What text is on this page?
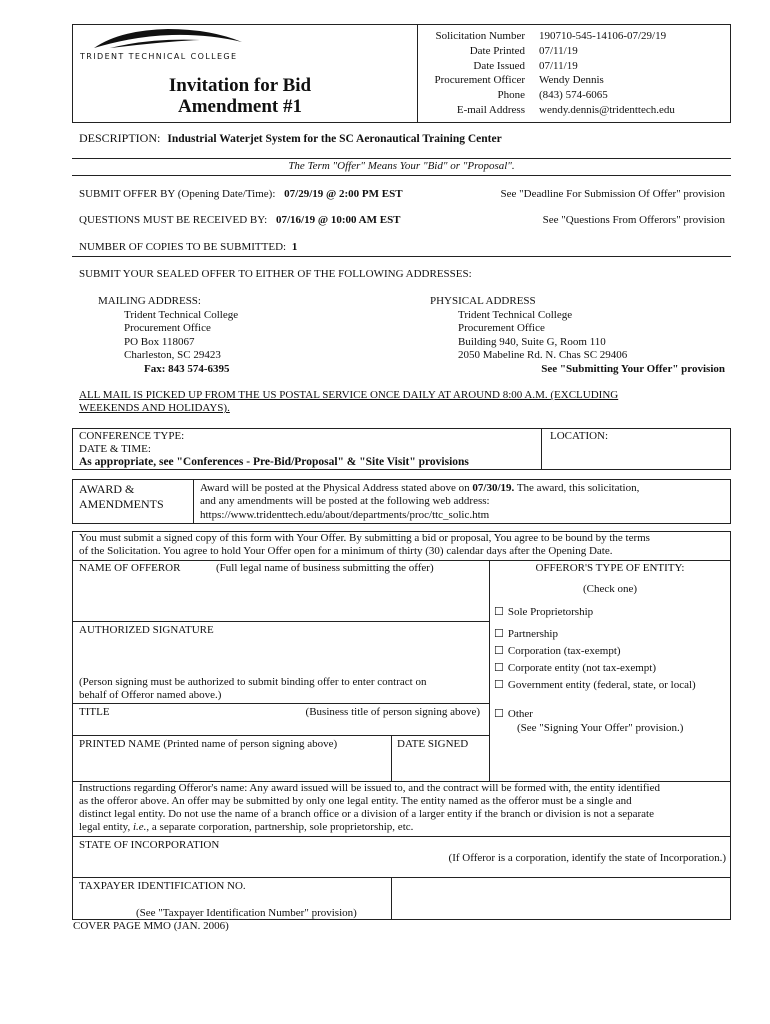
TRIDENT TECHNICAL COLLEGE
Invitation for Bid
Amendment #1
Solicitation Number	190710-545-14106-07/29/19
Date Printed	07/11/19
Date Issued	07/11/19
Procurement Officer	Wendy Dennis
Phone	(843) 574-6065
E-mail Address	wendy.dennis@tridenttech.edu
DESCRIPTION: Industrial Waterjet System for the SC Aeronautical Training Center
The Term "Offer" Means Your "Bid" or "Proposal".
SUBMIT OFFER BY (Opening Date/Time): 07/29/19 @ 2:00 PM EST	See "Deadline For Submission Of Offer" provision
QUESTIONS MUST BE RECEIVED BY: 07/16/19 @ 10:00 AM EST	See "Questions From Offerors" provision
NUMBER OF COPIES TO BE SUBMITTED: 1
SUBMIT YOUR SEALED OFFER TO EITHER OF THE FOLLOWING ADDRESSES:
MAILING ADDRESS:
Trident Technical College
Procurement Office
PO Box 118067
Charleston, SC 29423
Fax: 843 574-6395
PHYSICAL ADDRESS
Trident Technical College
Procurement Office
Building 940, Suite G, Room 110
2050 Mabeline Rd. N. Chas SC 29406
See "Submitting Your Offer" provision
ALL MAIL IS PICKED UP FROM THE US POSTAL SERVICE ONCE DAILY AT AROUND 8:00 A.M. (EXCLUDING
WEEKENDS AND HOLIDAYS).
CONFERENCE TYPE:
DATE & TIME:
As appropriate, see "Conferences - Pre-Bid/Proposal" & "Site Visit" provisions
LOCATION:
AWARD &
AMENDMENTS
Award will be posted at the Physical Address stated above on 07/30/19. The award, this solicitation,
and any amendments will be posted at the following web address:
https://www.tridenttech.edu/about/departments/proc/ttc_solic.htm
You must submit a signed copy of this form with Your Offer. By submitting a bid or proposal, You agree to be bound by the terms
of the Solicitation. You agree to hold Your Offer open for a minimum of thirty (30) calendar days after the Opening Date.
NAME OF OFFEROR	(Full legal name of business submitting the offer)
AUTHORIZED SIGNATURE
(Person signing must be authorized to submit binding offer to enter contract on
behalf of Offeror named above.)
TITLE	(Business title of person signing above)
PRINTED NAME (Printed name of person signing above)	DATE SIGNED
OFFEROR'S TYPE OF ENTITY:
(Check one)
☐ Sole Proprietorship
☐ Partnership
☐ Corporation (tax-exempt)
☐ Corporate entity (not tax-exempt)
☐ Government entity (federal, state, or local)
☐ Other
(See "Signing Your Offer" provision.)
Instructions regarding Offeror's name: Any award issued will be issued to, and the contract will be formed with, the entity identified
as the offeror above. An offer may be submitted by only one legal entity. The entity named as the offeror must be a single and
distinct legal entity. Do not use the name of a branch office or a division of a larger entity if the branch or division is not a separate
legal entity, i.e., a separate corporation, partnership, sole proprietorship, etc.
STATE OF INCORPORATION
(If Offeror is a corporation, identify the state of Incorporation.)
TAXPAYER IDENTIFICATION NO.
(See "Taxpayer Identification Number" provision)
COVER PAGE MMO (JAN. 2006)
